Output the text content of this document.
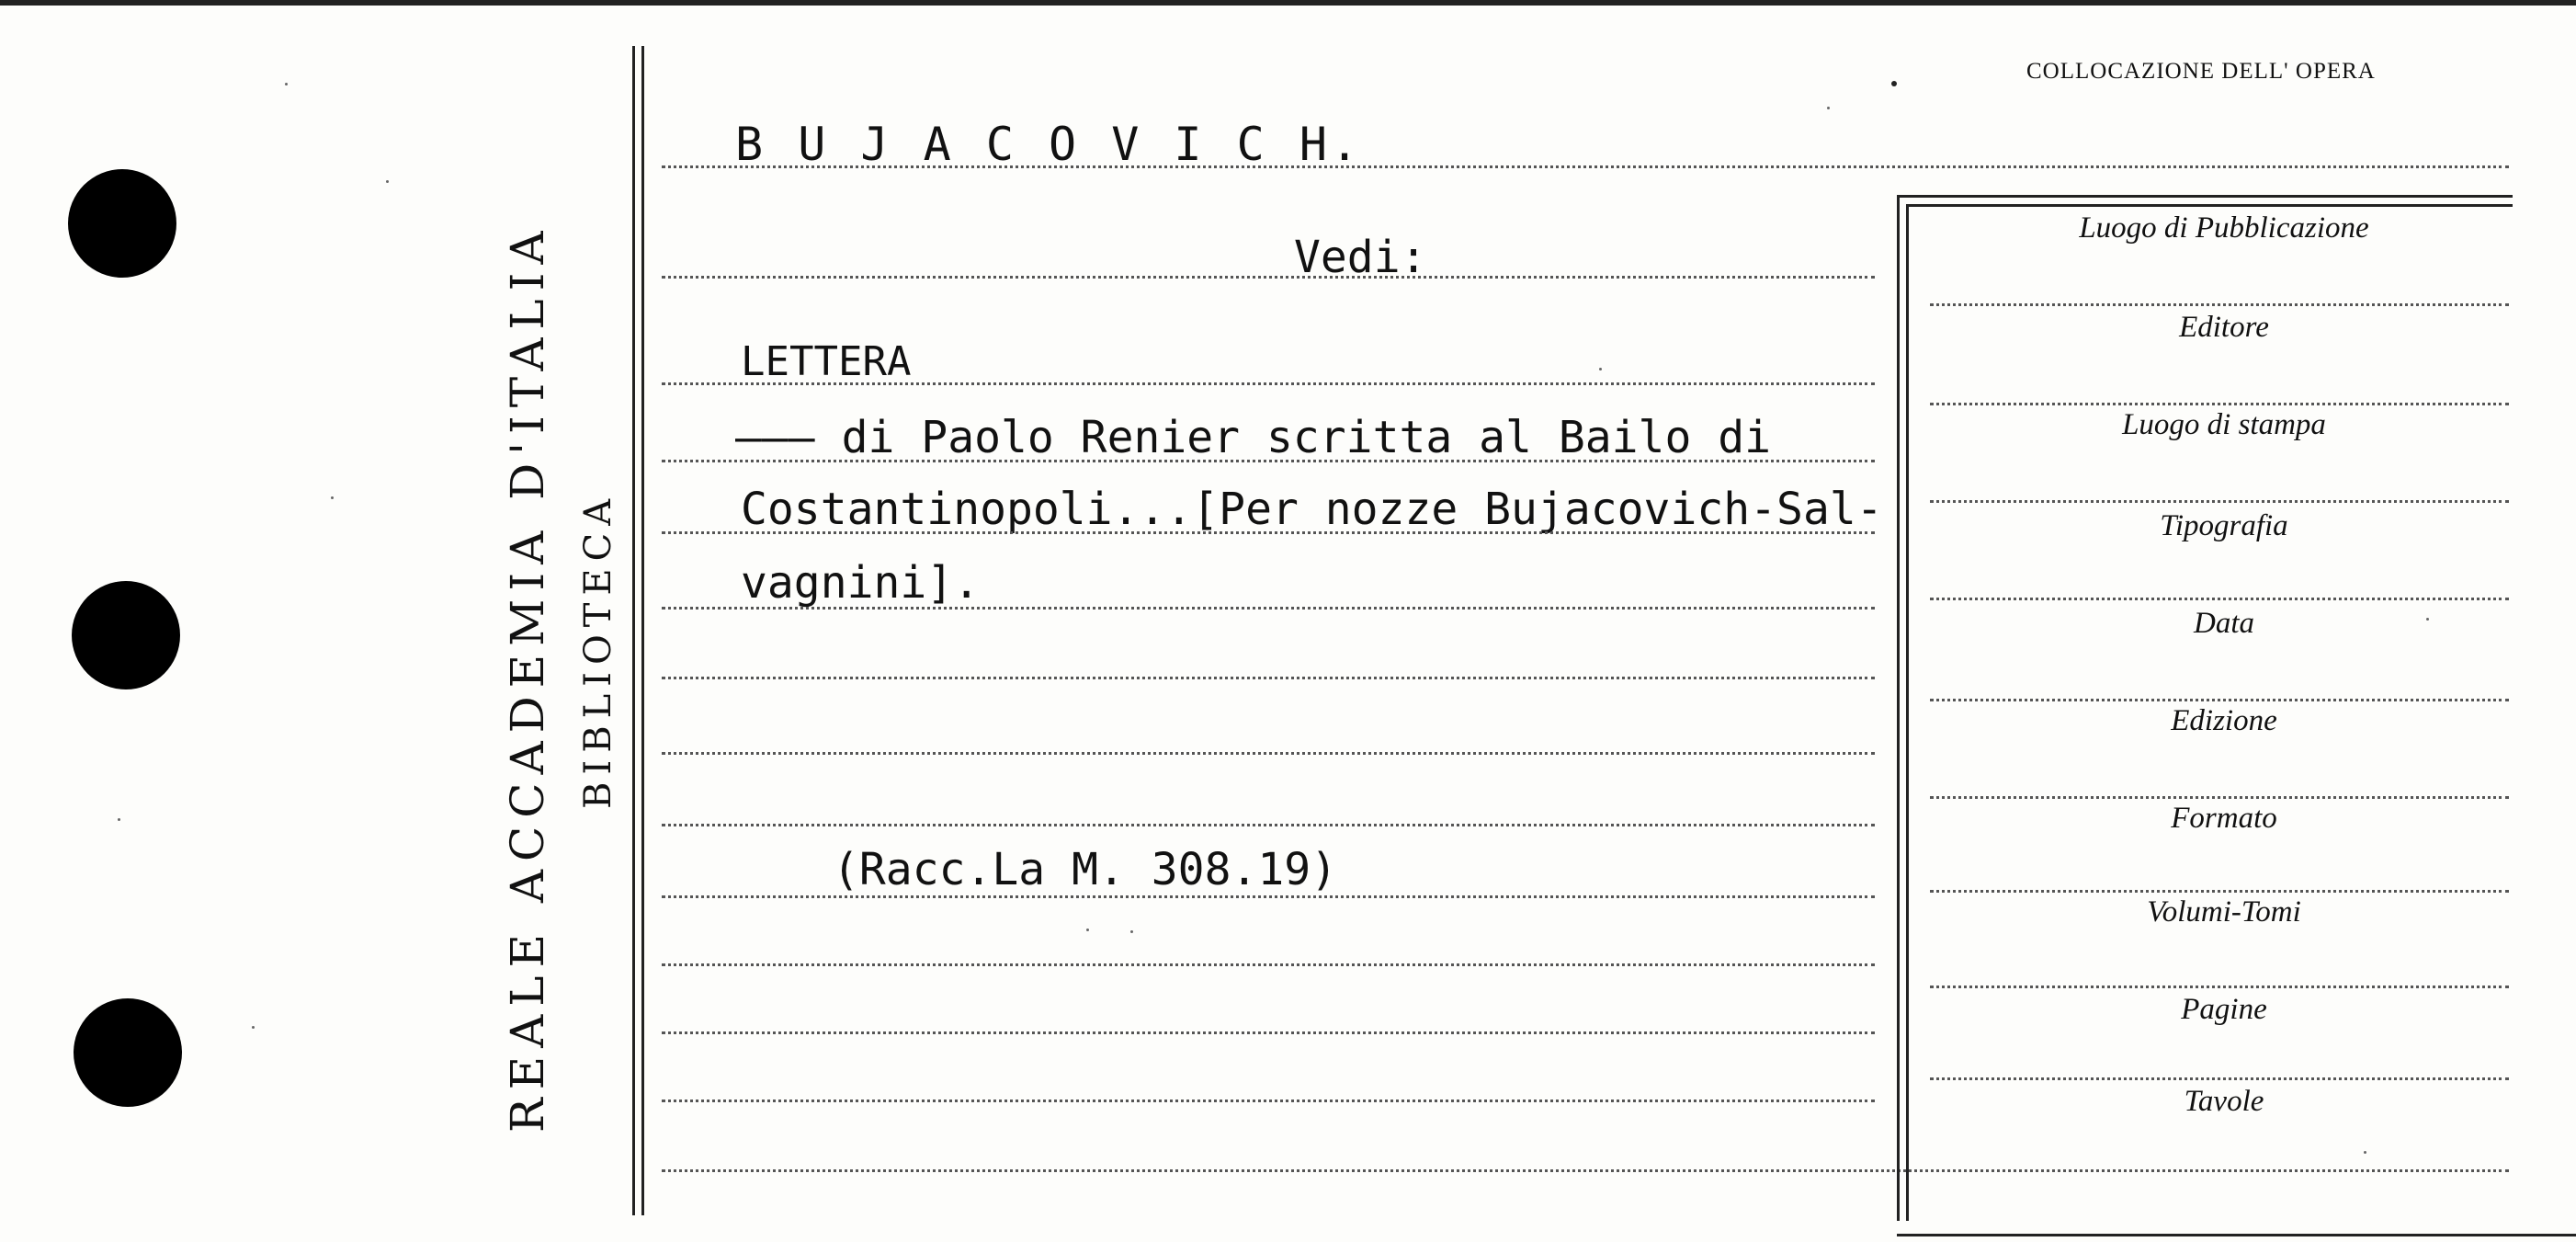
REALE ACCADEMIA D'ITALIA BIBLIOTECA
COLLOCAZIONE DELL' OPERA
B U J A C O V I C H.
Vedi:
LETTERA
——— di Paolo Renier scritta al Bailo di
Costantinopoli...[Per nozze Bujacovich-Sal-
vagnini].
(Racc.La M. 308.19)
Luogo di Pubblicazione
Editore
Luogo di stampa
Tipografia
Data
Edizione
Formato
Volumi-Tomi
Pagine
Tavole
